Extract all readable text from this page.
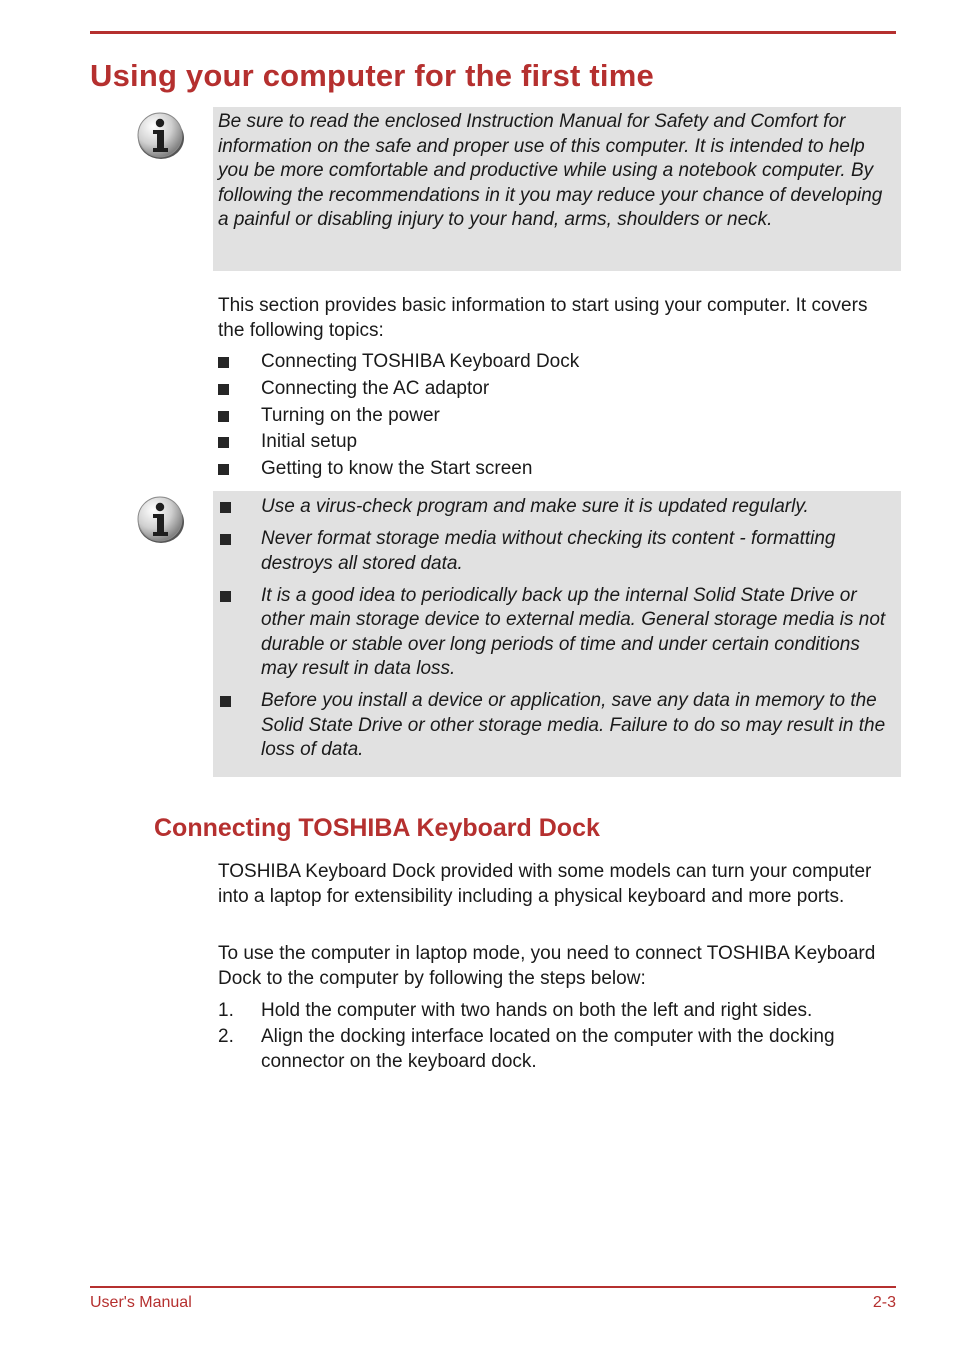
Using your computer for the first time

Be sure to read the enclosed Instruction Manual for Safety and Comfort for information on the safe and proper use of this computer. It is intended to help you be more comfortable and productive while using a notebook computer. By following the recommendations in it you may reduce your chance of developing a painful or disabling injury to your hand, arms, shoulders or neck.

This section provides basic information to start using your computer. It covers the following topics:

Connecting TOSHIBA Keyboard Dock
Connecting the AC adaptor
Turning on the power
Initial setup
Getting to know the Start screen
Use a virus-check program and make sure it is updated regularly.
Never format storage media without checking its content - formatting destroys all stored data.
It is a good idea to periodically back up the internal Solid State Drive or other main storage device to external media. General storage media is not durable or stable over long periods of time and under certain conditions may result in data loss.
Before you install a device or application, save any data in memory to the Solid State Drive or other storage media. Failure to do so may result in the loss of data.
Connecting TOSHIBA Keyboard Dock

TOSHIBA Keyboard Dock provided with some models can turn your computer into a laptop for extensibility including a physical keyboard and more ports.

To use the computer in laptop mode, you need to connect TOSHIBA Keyboard Dock to the computer by following the steps below:

1. Hold the computer with two hands on both the left and right sides.
2. Align the docking interface located on the computer with the docking connector on the keyboard dock.
User's Manual	2-3
